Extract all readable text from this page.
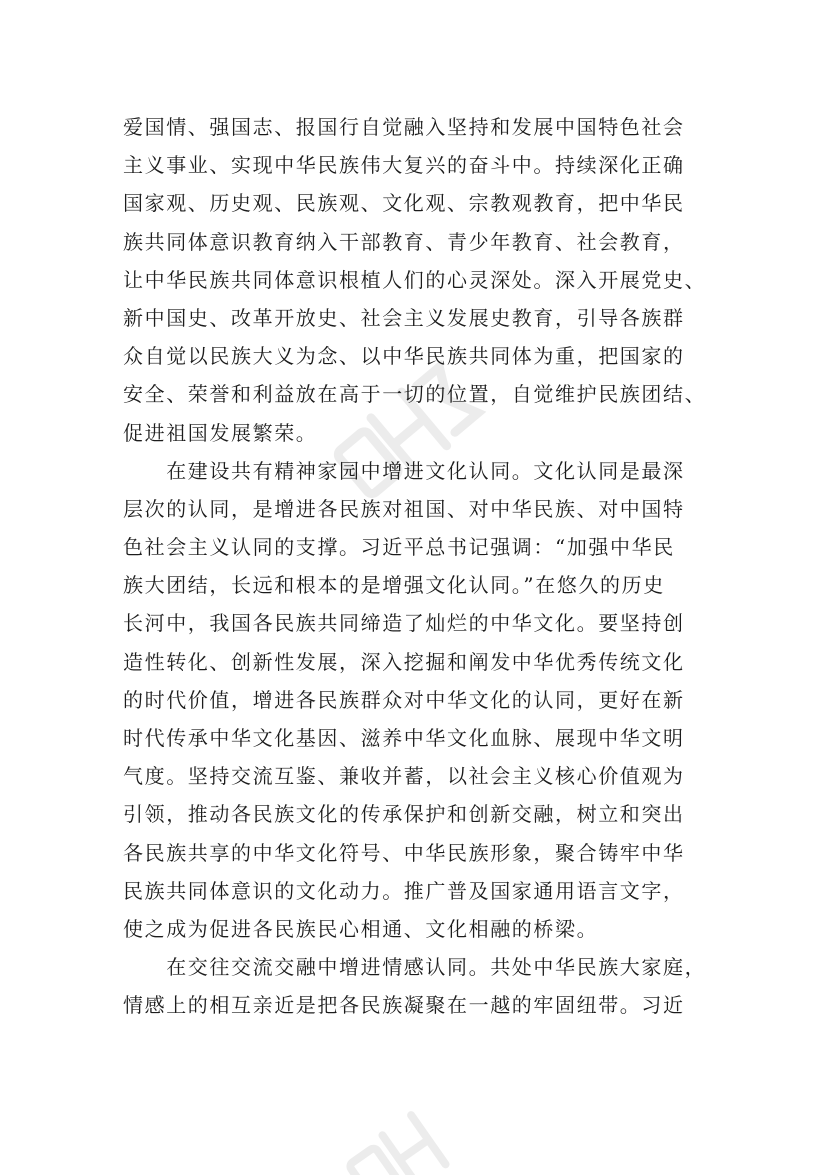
爱国情、强国志、报国行自觉融入坚持和发展中国特色社会
主义事业、实现中华民族伟大复兴的奋斗中。持续深化正确
国家观、历史观、民族观、文化观、宗教观教育，把中华民
族共同体意识教育纳入干部教育、青少年教育、社会教育，
让中华民族共同体意识根植人们的心灵深处。深入开展党史、
新中国史、改革开放史、社会主义发展史教育，引导各族群
众自觉以民族大义为念、以中华民族共同体为重，把国家的
安全、荣誉和利益放在高于一切的位置，自觉维护民族团结、
促进祖国发展繁荣。
　　在建设共有精神家园中增进文化认同。文化认同是最深
层次的认同，是增进各民族对祖国、对中华民族、对中国特
色社会主义认同的支撑。习近平总书记强调：“加强中华民
族大团结，长远和根本的是增强文化认同。”在悠久的历史
长河中，我国各民族共同缔造了灿烂的中华文化。要坚持创
造性转化、创新性发展，深入挖掘和阐发中华优秀传统文化
的时代价值，增进各民族群众对中华文化的认同，更好在新
时代传承中华文化基因、滋养中华文化血脉、展现中华文明
气度。坚持交流互鉴、兼收并蓄，以社会主义核心价值观为
引领，推动各民族文化的传承保护和创新交融，树立和突出
各民族共享的中华文化符号、中华民族形象，聚合铸牢中华
民族共同体意识的文化动力。推广普及国家通用语言文字，
使之成为促进各民族民心相通、文化相融的桥梁。
　　在交往交流交融中增进情感认同。共处中华民族大家庭，
情感上的相互亲近是把各民族凝聚在一越的牢固纽带。习近
